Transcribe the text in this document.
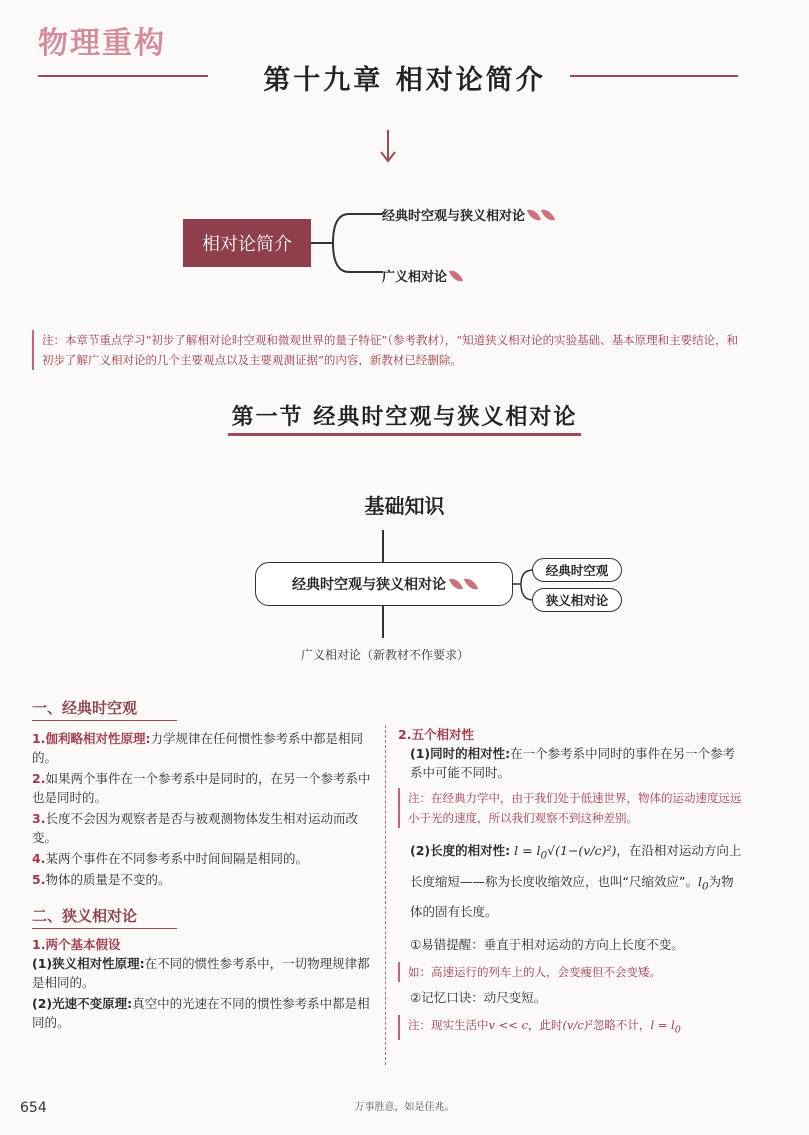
物理重构
第十九章 相对论简介
相对论简介
经典时空观与狭义相对论
广义相对论
注：本章节重点学习“初步了解相对论时空观和微观世界的量子特征”（参考教材），“知道狭义相对论的实验基础、基本原理和主要结论，和初步了解广义相对论的几个主要观点以及主要观测证据”的内容，新教材已经删除。
第一节 经典时空观与狭义相对论
基础知识
经典时空观与狭义相对论
经典时空观
狭义相对论
广义相对论（新教材不作要求）
一、经典时空观
1.伽利略相对性原理:力学规律在任何惯性参考系中都是相同的。
2.如果两个事件在一个参考系中是同时的，在另一个参考系中也是同时的。
3.长度不会因为观察者是否与被观测物体发生相对运动而改变。
4.某两个事件在不同参考系中时间间隔是相同的。
5.物体的质量是不变的。
二、狭义相对论
1.两个基本假设
(1)狭义相对性原理:在不同的惯性参考系中，一切物理规律都是相同的。
(2)光速不变原理:真空中的光速在不同的惯性参考系中都是相同的。
2.五个相对性
(1)同时的相对性:在一个参考系中同时的事件在另一个参考系中可能不同时。
注：在经典力学中，由于我们处于低速世界，物体的运动速度远远小于光的速度，所以我们观察不到这种差别。
(2)长度的相对性: $l = l_0√(1-(v/c)^2)$，在沿相对运动方向上长度缩短——称为长度收缩效应，也叫“尺缩效应”。$l_0$为物体的固有长度。
①易错提醒：垂直于相对运动的方向上长度不变。
如：高速运行的列车上的人，会变瘦但不会变矮。
②记忆口诀：动尺变短。
注：现实生活中v << c，此时(v/c)²忽略不计，$l = l_0$
654	万事胜意，如是佳兆。
